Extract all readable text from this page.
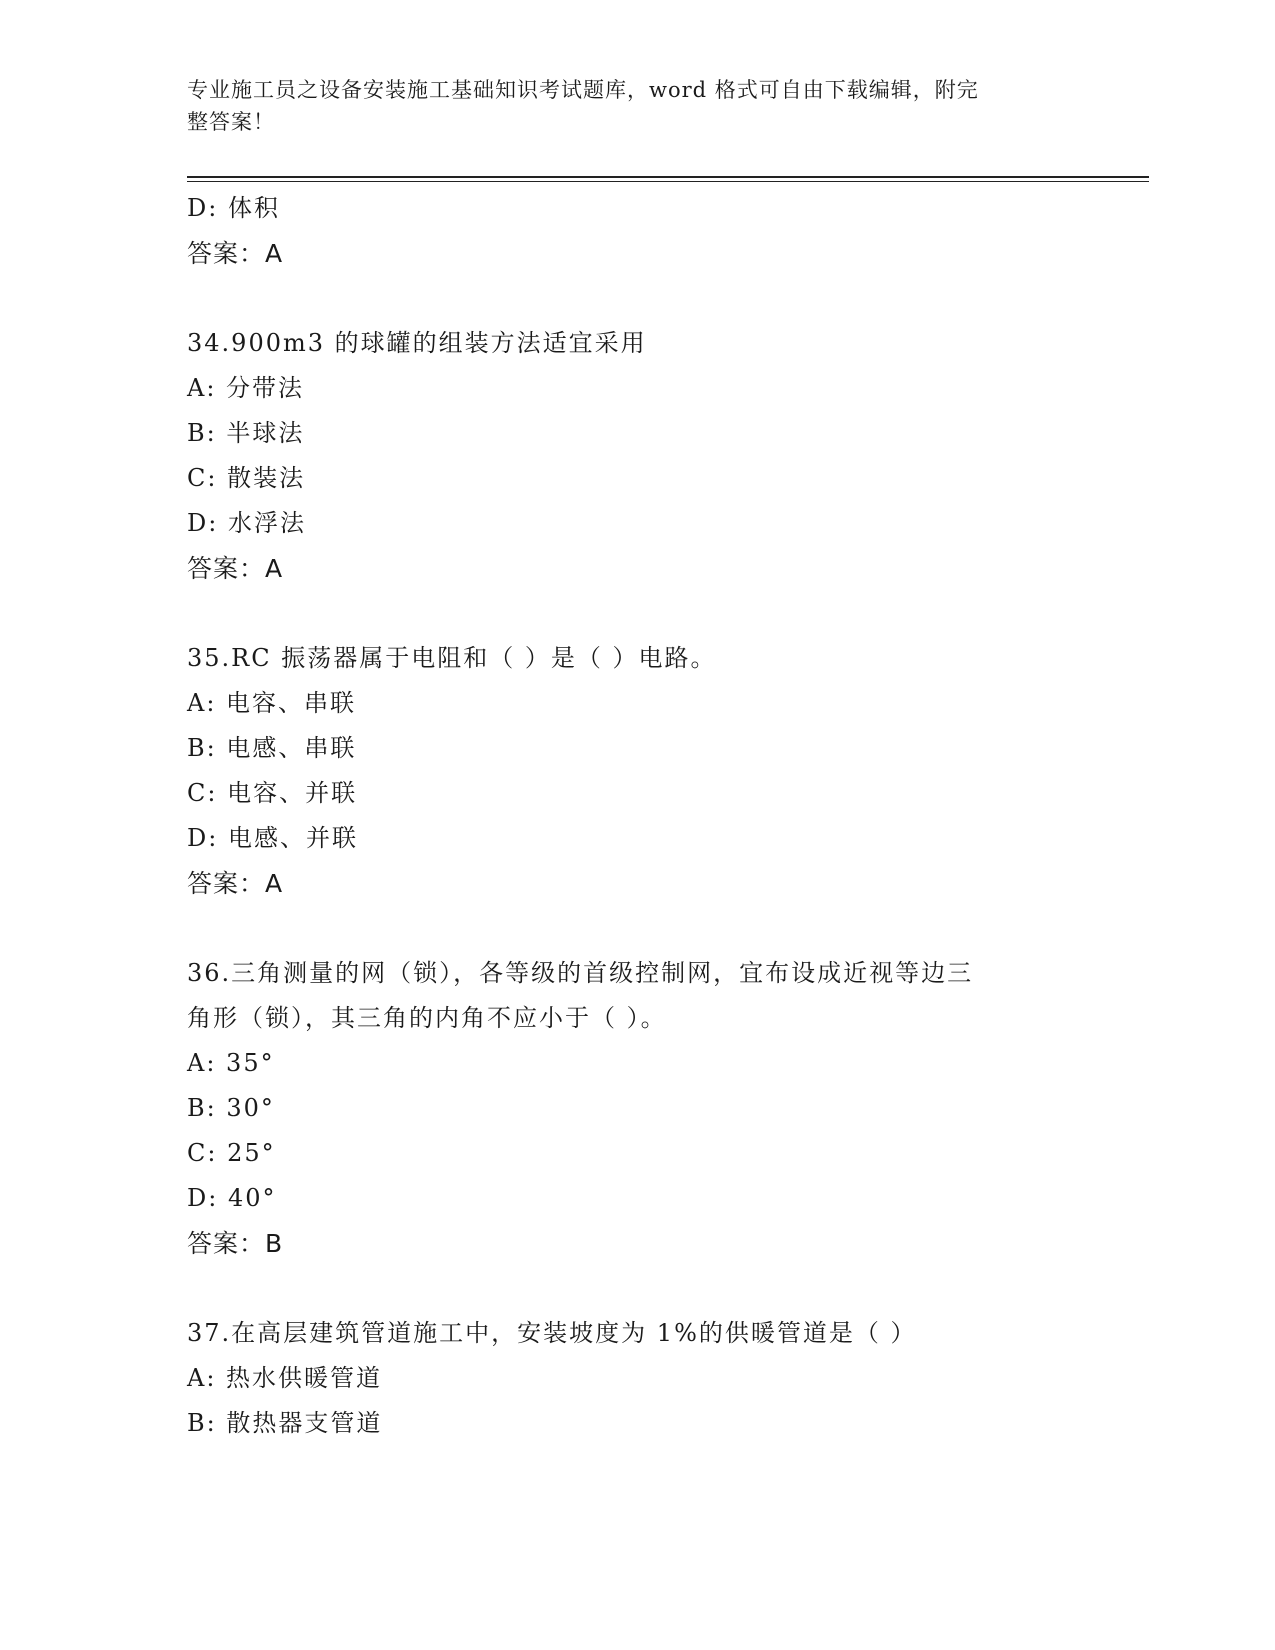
专业施工员之设备安装施工基础知识考试题库，word 格式可自由下载编辑，附完
整答案！
D: 体积
答案：A
34.900m3 的球罐的组装方法适宜采用
A: 分带法
B: 半球法
C: 散装法
D: 水浮法
答案：A
35.RC 振荡器属于电阻和（ ）是（ ）电路。
A: 电容、串联
B: 电感、串联
C: 电容、并联
D: 电感、并联
答案：A
36.三角测量的网（锁），各等级的首级控制网，宜布设成近视等边三
角形（锁），其三角的内角不应小于（ ）。
A: 35°
B: 30°
C: 25°
D: 40°
答案：B
37.在高层建筑管道施工中，安装坡度为 1%的供暖管道是（ ）
A: 热水供暖管道
B: 散热器支管道
